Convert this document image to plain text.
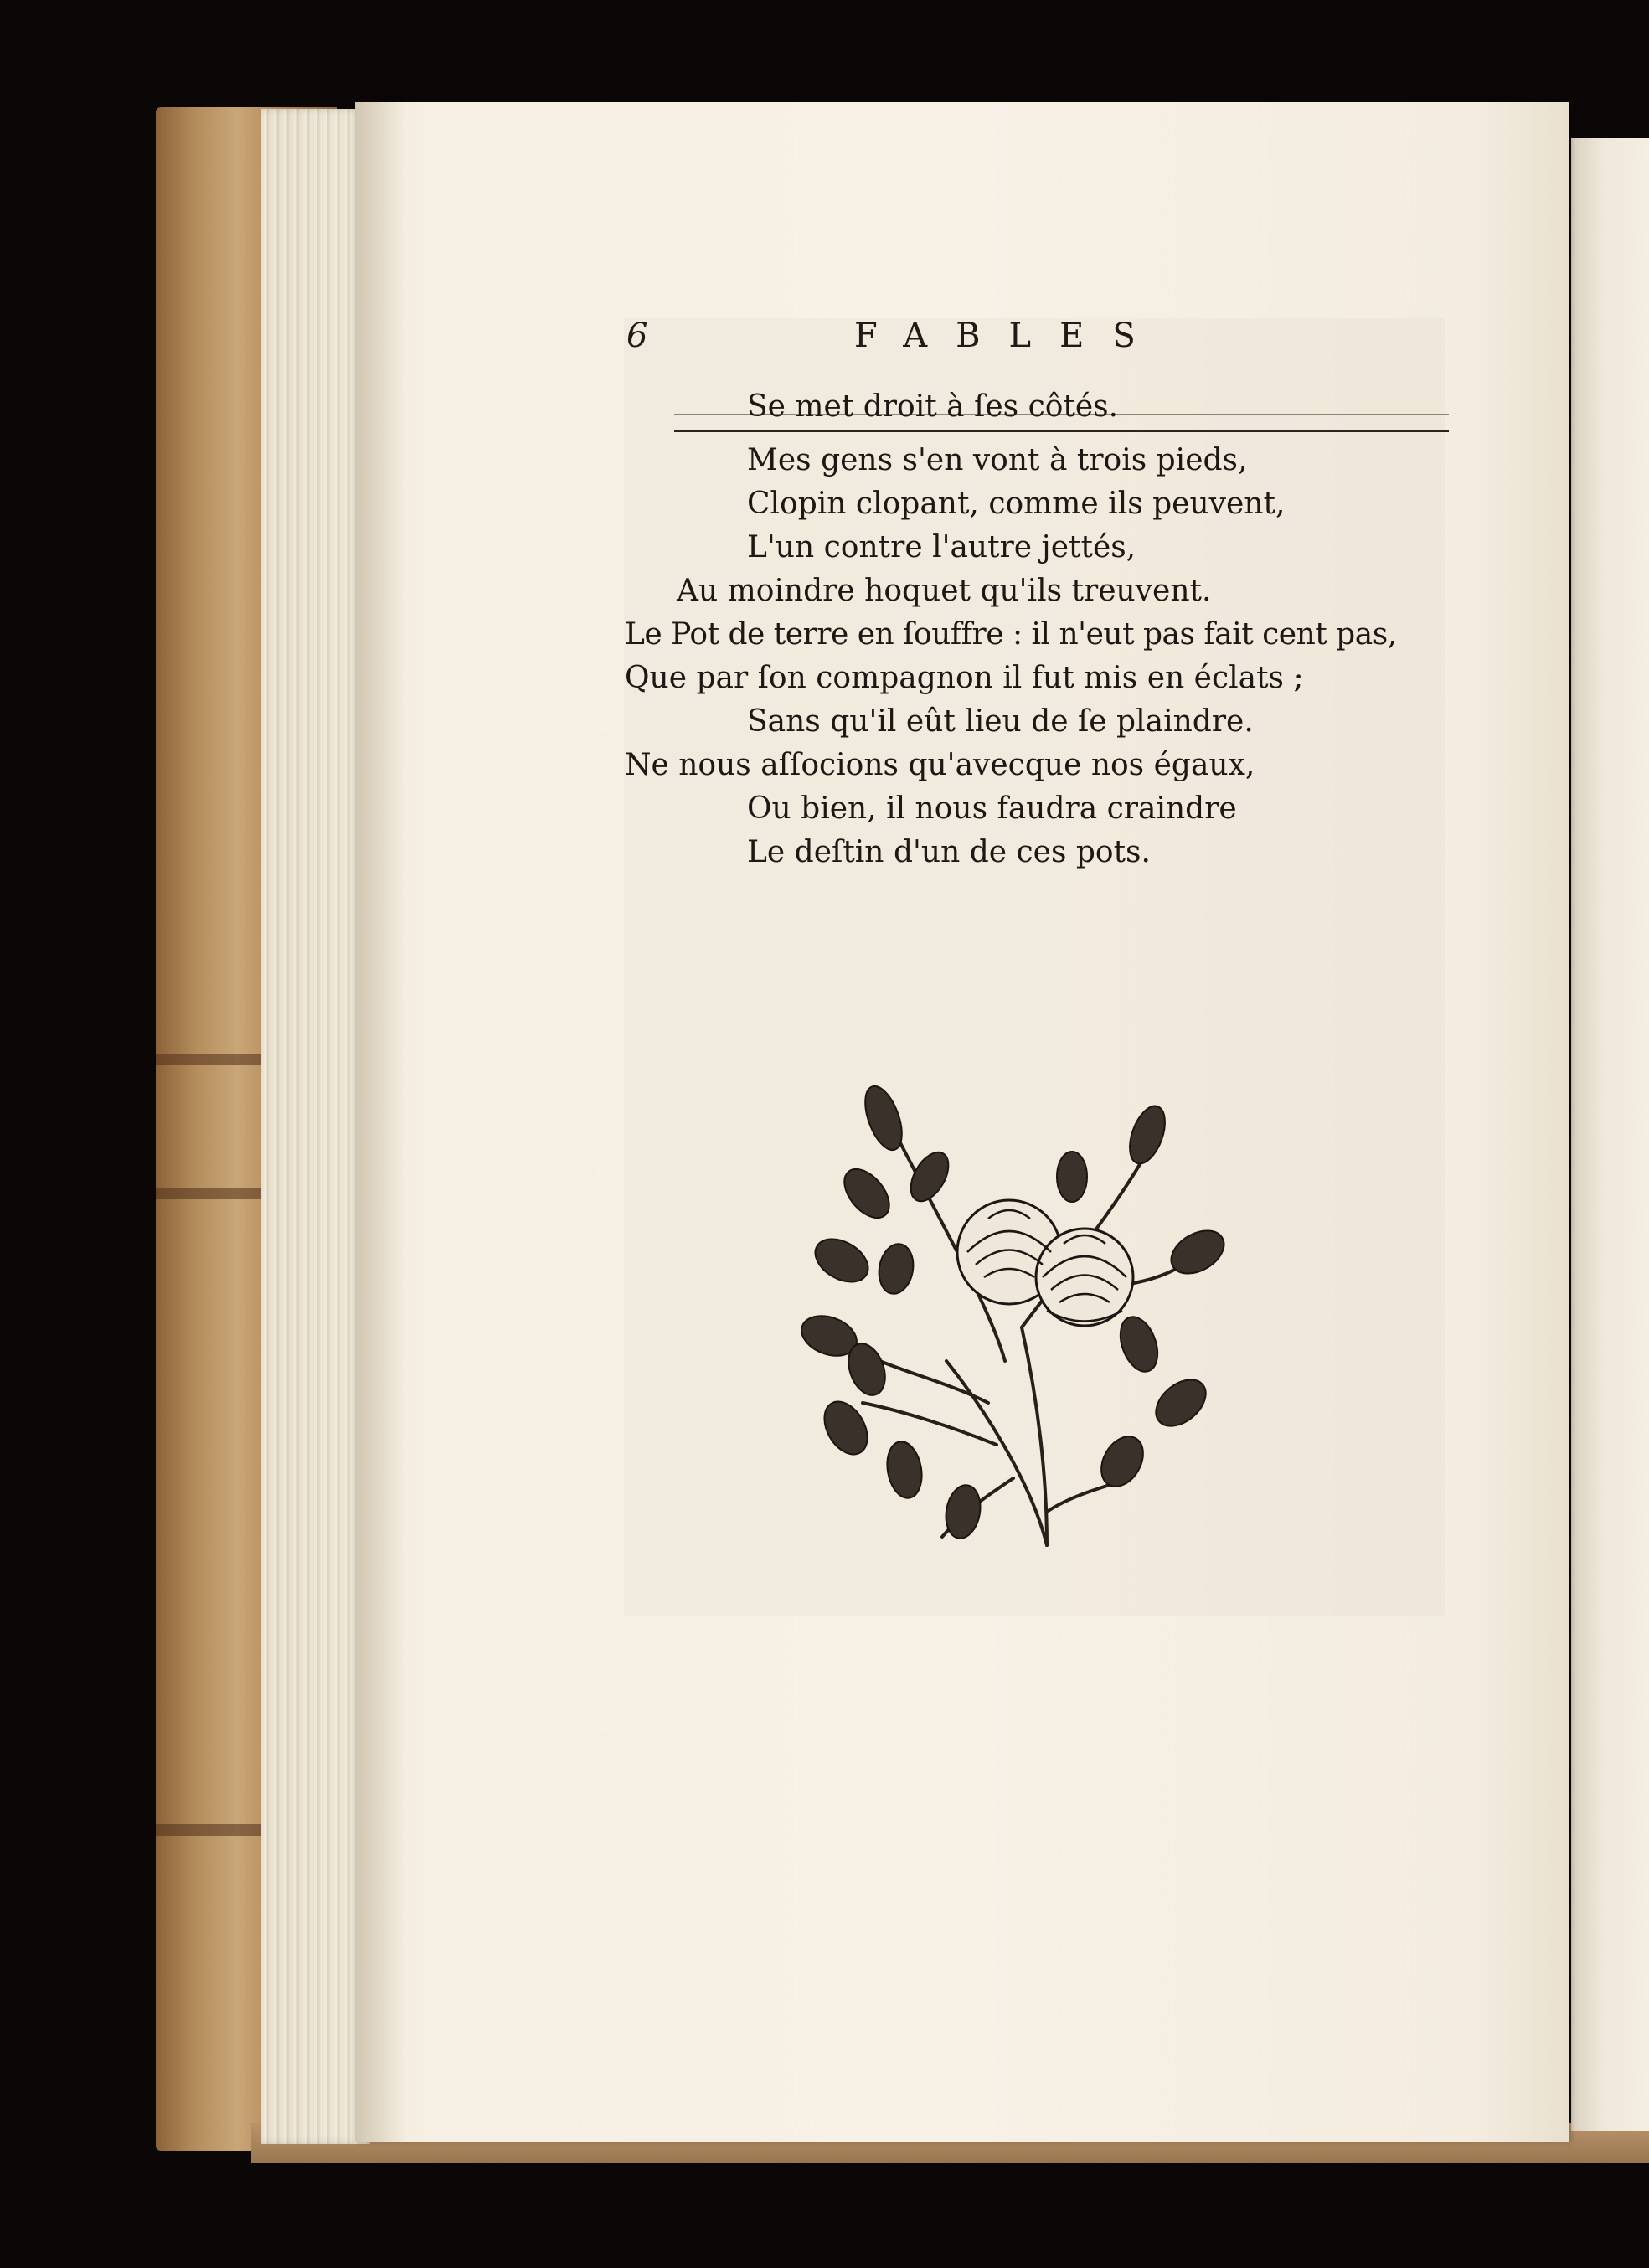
6	FABLES
Se met droit à ſes côtés.
Mes gens s'en vont à trois pieds,
Clopin clopant, comme ils peuvent,
L'un contre l'autre jettés,
Au moindre hoquet qu'ils treuvent.
Le Pot de terre en ſouffre : il n'eut pas fait cent pas,
Que par ſon compagnon il fut mis en éclats ;
Sans qu'il eût lieu de ſe plaindre.
Ne nous aſſocions qu'avecque nos égaux,
Ou bien, il nous faudra craindre
Le deſtin d'un de ces pots.
